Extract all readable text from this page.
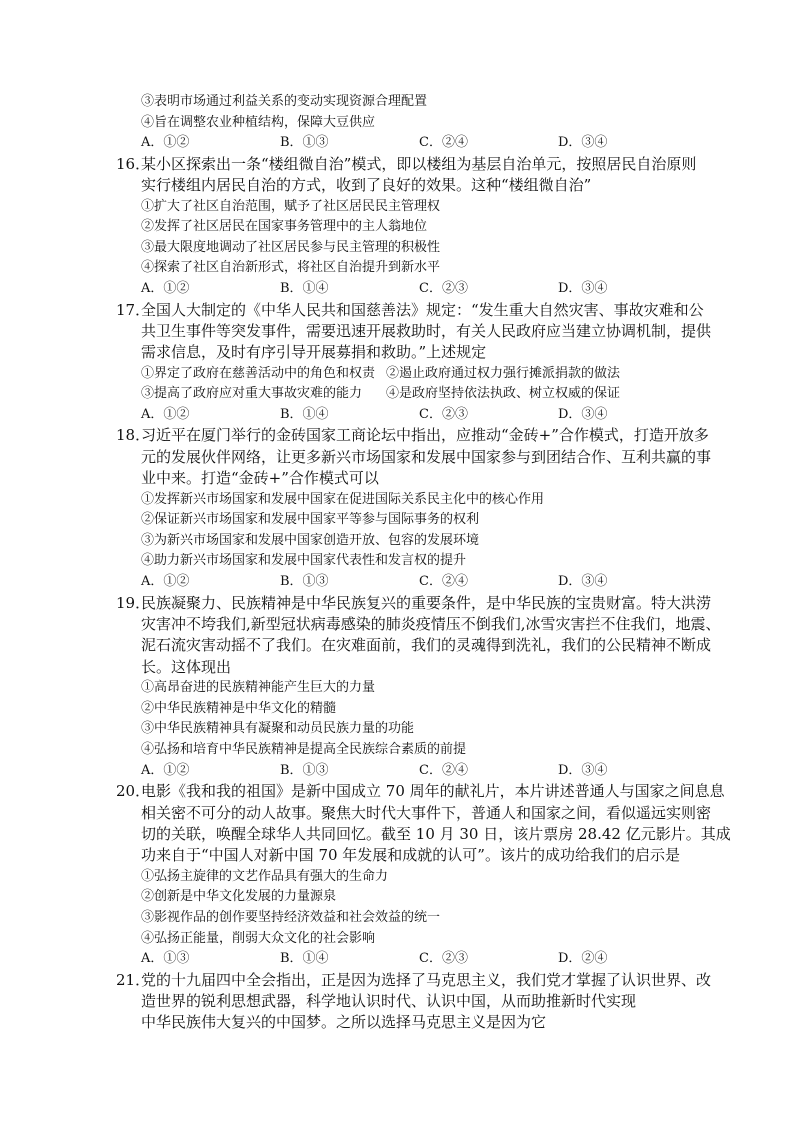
③表明市场通过利益关系的变动实现资源合理配置
④旨在调整农业种植结构，保障大豆供应
A．①②	B．①③	C．②④	D．③④
16．某小区探索出一条“楼组微自治”模式，即以楼组为基层自治单元，按照居民自治原则
实行楼组内居民自治的方式，收到了良好的效果。这种“楼组微自治”
①扩大了社区自治范围，赋予了社区居民民主管理权
②发挥了社区居民在国家事务管理中的主人翁地位
③最大限度地调动了社区居民参与民主管理的积极性
④探索了社区自治新形式，将社区自治提升到新水平
A．①②	B．①④	C．②③	D．③④
17．全国人大制定的《中华人民共和国慈善法》规定：“发生重大自然灾害、事故灾难和公
共卫生事件等突发事件，需要迅速开展救助时，有关人民政府应当建立协调机制，提供
需求信息，及时有序引导开展募捐和救助。”上述规定
①界定了政府在慈善活动中的角色和权责 ②遏止政府通过权力强行摊派捐款的做法
③提高了政府应对重大事故灾难的能力 ④是政府坚持依法执政、树立权威的保证
A．①②	B．①④	C．②③	D．③④
18．习近平在厦门举行的金砖国家工商论坛中指出，应推动“金砖+”合作模式，打造开放多
元的发展伙伴网络，让更多新兴市场国家和发展中国家参与到团结合作、互利共赢的事
业中来。打造“金砖+”合作模式可以
①发挥新兴市场国家和发展中国家在促进国际关系民主化中的核心作用
②保证新兴市场国家和发展中国家平等参与国际事务的权利
③为新兴市场国家和发展中国家创造开放、包容的发展环境
④助力新兴市场国家和发展中国家代表性和发言权的提升
A．①②	B．①③	C．②④	D．③④
19．民族凝聚力、民族精神是中华民族复兴的重要条件，是中华民族的宝贵财富。特大洪涝
灾害冲不垮我们,新型冠状病毒感染的肺炎疫情压不倒我们,冰雪灾害拦不住我们，地震、
泥石流灾害动摇不了我们。在灾难面前，我们的灵魂得到洗礼，我们的公民精神不断成
长。这体现出
①高昂奋进的民族精神能产生巨大的力量
②中华民族精神是中华文化的精髓
③中华民族精神具有凝聚和动员民族力量的功能
④弘扬和培育中华民族精神是提高全民族综合素质的前提
A．①②	B．①③	C．②④	D．③④
20．电影《我和我的祖国》是新中国成立 70 周年的献礼片，本片讲述普通人与国家之间息息
相关密不可分的动人故事。聚焦大时代大事件下，普通人和国家之间，看似遥远实则密
切的关联，唤醒全球华人共同回忆。截至 10 月 30 日，该片票房 28.42 亿元影片。其成
功来自于“中国人对新中国 70 年发展和成就的认可”。该片的成功给我们的启示是
①弘扬主旋律的文艺作品具有强大的生命力
②创新是中华文化发展的力量源泉
③影视作品的创作要坚持经济效益和社会效益的统一
④弘扬正能量，削弱大众文化的社会影响
A．①③	B．①④	C．②③	D．②④
21．党的十九届四中全会指出，正是因为选择了马克思主义，我们党才掌握了认识世界、改
造世界的锐利思想武器，科学地认识时代、认识中国，从而助推新时代实现
中华民族伟大复兴的中国梦。之所以选择马克思主义是因为它
